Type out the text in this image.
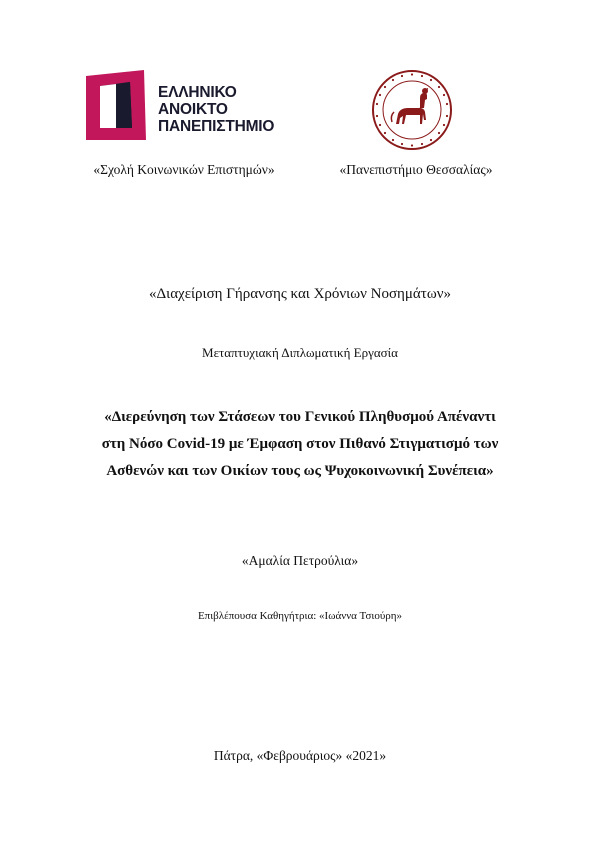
ΕΛΛΗΝΙΚΟ
ΑΝΟΙΚΤΟ
ΠΑΝΕΠΙΣΤΗΜΙΟ
«Σχολή Κοινωνικών Επιστημών»	«Πανεπιστήμιο Θεσσαλίας»
«Διαχείριση Γήρανσης και Χρόνιων Νοσημάτων»
Μεταπτυχιακή Διπλωματική Εργασία
«Διερεύνηση των Στάσεων του Γενικού Πληθυσμού Απέναντι
στη Νόσο Covid-19 με Έμφαση στον Πιθανό Στιγματισμό των
Ασθενών και των Οικίων τους ως Ψυχοκοινωνική Συνέπεια»
«Αμαλία Πετρούλια»
Επιβλέπουσα Καθηγήτρια: «Ιωάννα Τσιούρη»
Πάτρα, «Φεβρουάριος» «2021»
